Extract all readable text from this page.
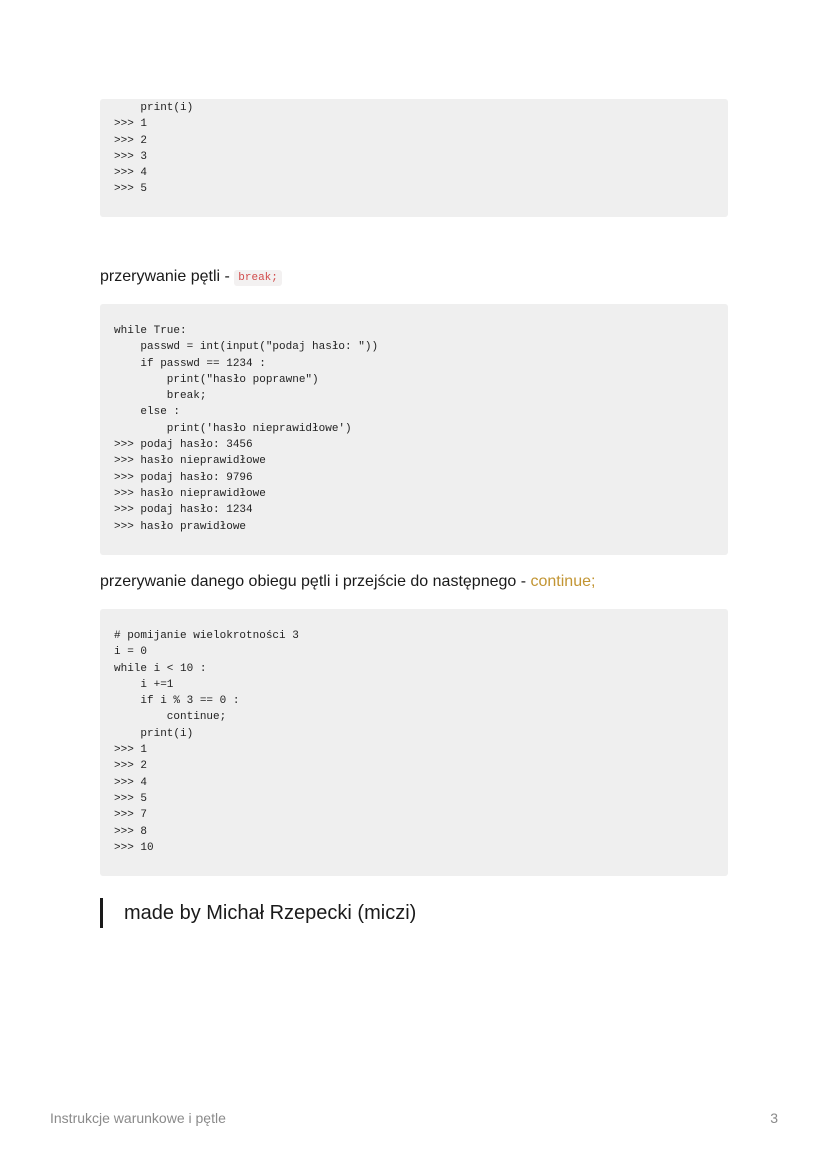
print(i)
>>> 1
>>> 2
>>> 3
>>> 4
>>> 5
przerywanie pętli - break;
while True:
passwd = int(input("podaj hasło: "))
if passwd == 1234 :
print("hasło poprawne")
break;
else :
print('hasło nieprawidłowe')
>>> podaj hasło: 3456
>>> hasło nieprawidłowe
>>> podaj hasło: 9796
>>> hasło nieprawidłowe
>>> podaj hasło: 1234
>>> hasło prawidłowe
przerywanie danego obiegu pętli i przejście do następnego - continue;
# pomijanie wielokrotności 3
i = 0
while i < 10 :
i +=1
if i % 3 == 0 :
continue;
print(i)
>>> 1
>>> 2
>>> 4
>>> 5
>>> 7
>>> 8
>>> 10
made by Michał Rzepecki (miczi)
Instrukcje warunkowe i pętle	3
